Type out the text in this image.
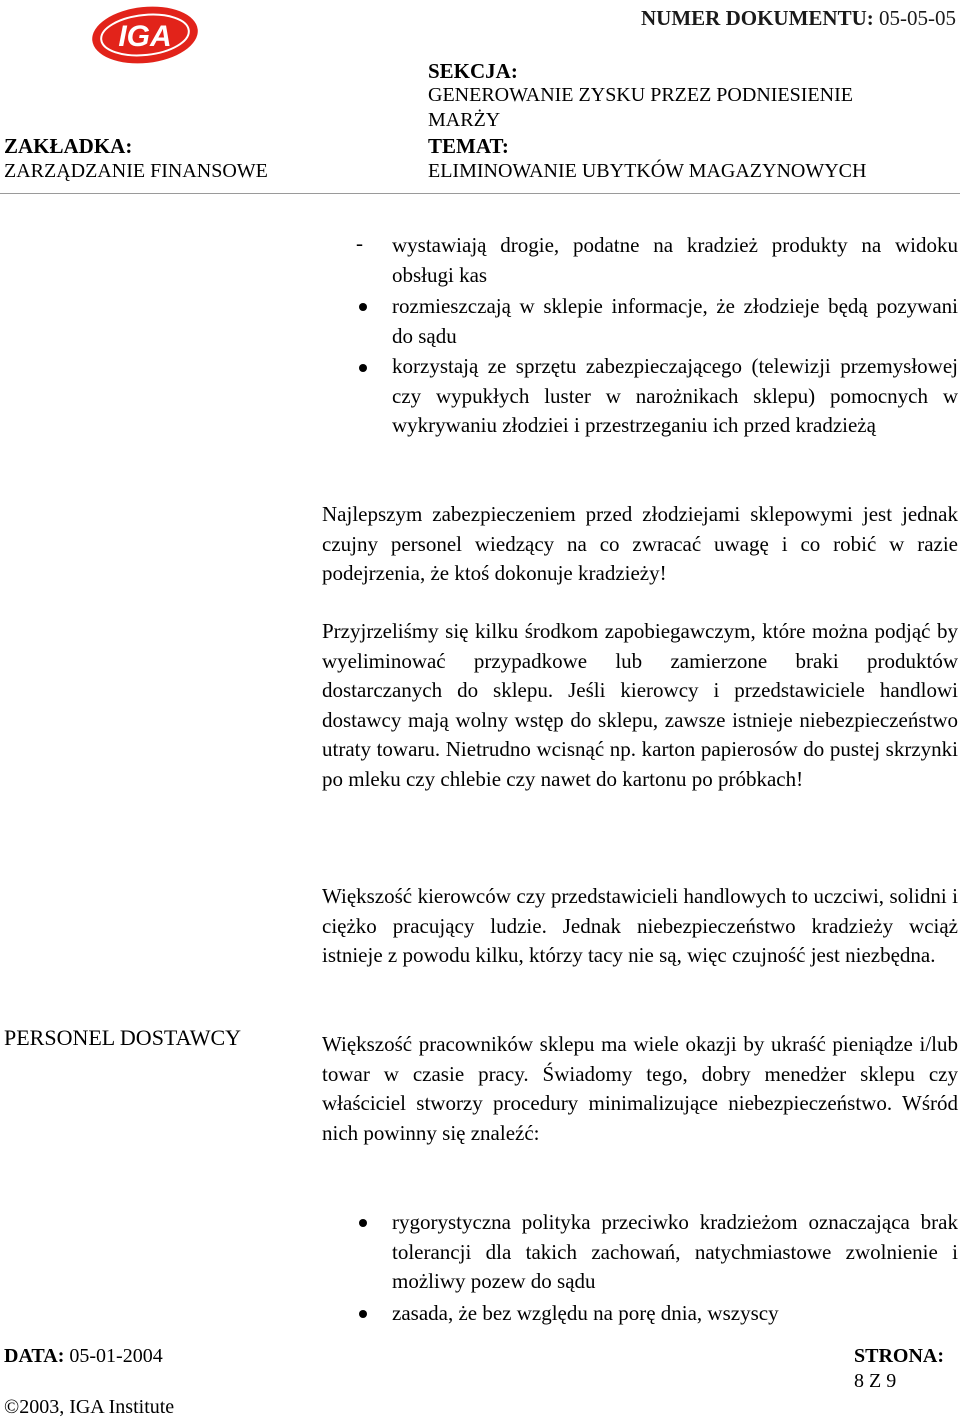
IGA
NUMER DOKUMENTU: 05-05-05
SEKCJA:
GENEROWANIE ZYSKU PRZEZ PODNIESIENIE
MARŻY
ZAKŁADKA:
ZARZĄDZANIE FINANSOWE
TEMAT:
ELIMINOWANIE UBYTKÓW MAGAZYNOWYCH
- wystawiają drogie, podatne na kradzież produkty na widoku obsługi kas
rozmieszczają w sklepie informacje, że złodzieje będą pozywani do sądu
korzystają ze sprzętu zabezpieczającego (telewizji przemysłowej czy wypukłych luster w narożnikach sklepu) pomocnych w wykrywaniu złodziei i przestrzeganiu ich przed kradzieżą
Najlepszym zabezpieczeniem przed złodziejami sklepowymi jest jednak czujny personel wiedzący na co zwracać uwagę i co robić w razie podejrzenia, że ktoś dokonuje kradzieży!
Przyjrzeliśmy się kilku środkom zapobiegawczym, które można podjąć by wyeliminować przypadkowe lub zamierzone braki produktów dostarczanych do sklepu. Jeśli kierowcy i przedstawiciele handlowi dostawcy mają wolny wstęp do sklepu, zawsze istnieje niebezpieczeństwo utraty towaru. Nietrudno wcisnąć np. karton papierosów do pustej skrzynki po mleku czy chlebie czy nawet do kartonu po próbkach!
Większość kierowców czy przedstawicieli handlowych to uczciwi, solidni i ciężko pracujący ludzie. Jednak niebezpieczeństwo kradzieży wciąż istnieje z powodu kilku, którzy tacy nie są, więc czujność jest niezbędna.
PERSONEL DOSTAWCY	Większość pracowników sklepu ma wiele okazji by ukraść pieniądze i/lub towar w czasie pracy. Świadomy tego, dobry menedżer sklepu czy właściciel stworzy procedury minimalizujące niebezpieczeństwo. Wśród nich powinny się znaleźć:
rygorystyczna polityka przeciwko kradzieżom oznaczająca brak tolerancji dla takich zachowań, natychmiastowe zwolnienie i możliwy pozew do sądu
zasada, że bez względu na porę dnia, wszyscy
DATA: 05-01-2004
©2003, IGA Institute
STRONA:
8 Z 9
